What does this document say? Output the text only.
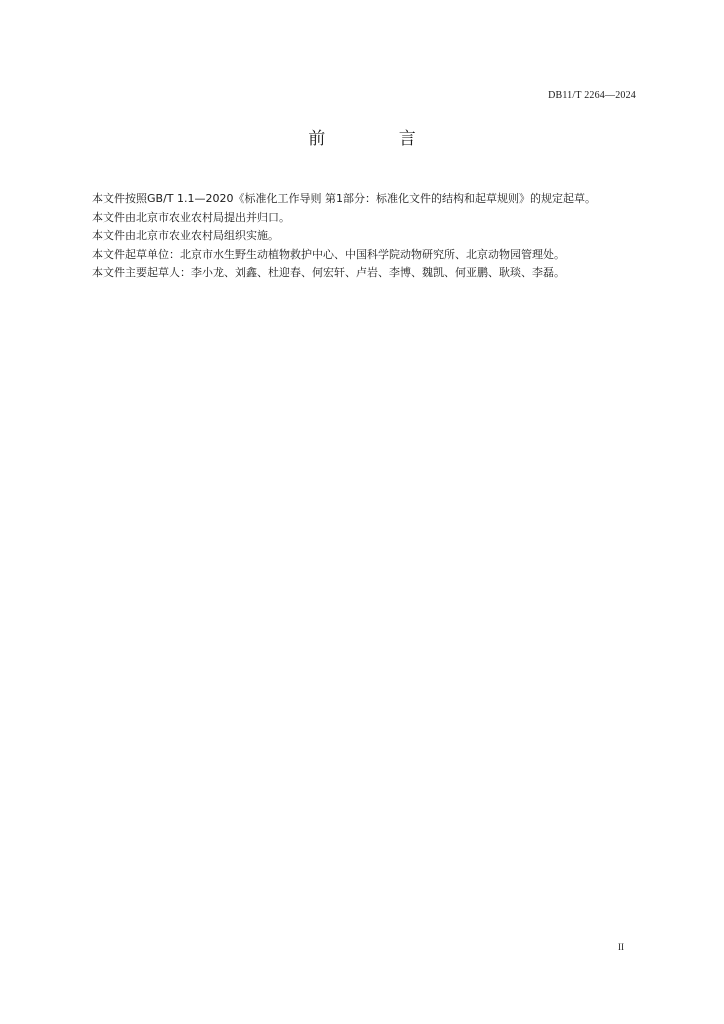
DB11/T 2264—2024
前 言

本文件按照GB/T 1.1—2020《标准化工作导则 第1部分：标准化文件的结构和起草规则》的规定起草。

本文件由北京市农业农村局提出并归口。

本文件由北京市农业农村局组织实施。

本文件起草单位：北京市水生野生动植物救护中心、中国科学院动物研究所、北京动物园管理处。

本文件主要起草人：李小龙、刘鑫、杜迎春、何宏轩、卢岩、李博、魏凯、何亚鹏、耿琰、李磊。

II
